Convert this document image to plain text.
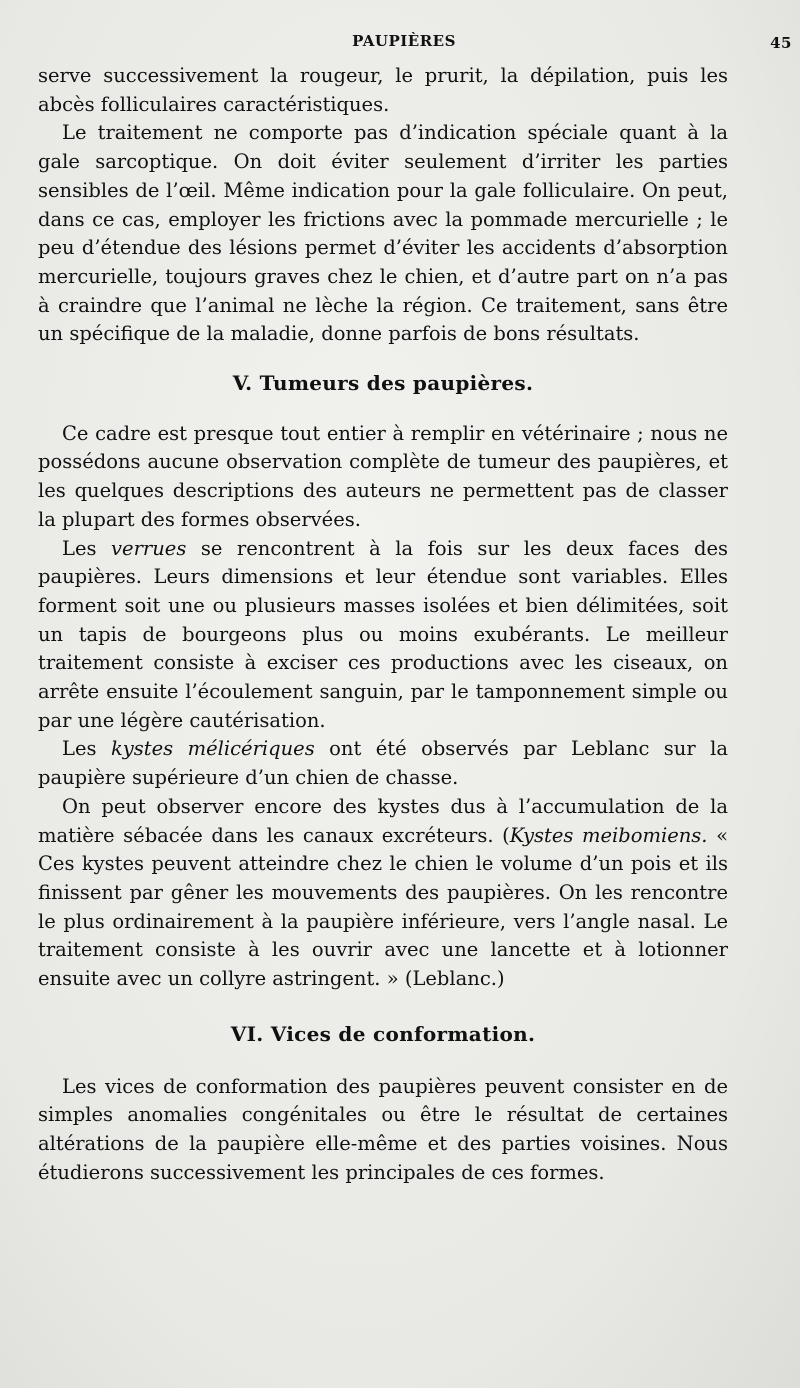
PAUPIÈRES	45

serve successivement la rougeur, le prurit, la dépilation, puis les abcès folliculaires caractéristiques.

Le traitement ne comporte pas d’indication spéciale quant à la gale sarcoptique. On doit éviter seulement d’irriter les parties sensibles de l’œil. Même indication pour la gale folliculaire. On peut, dans ce cas, employer les frictions avec la pommade mercurielle ; le peu d’étendue des lésions permet d’éviter les accidents d’absorption mercurielle, toujours graves chez le chien, et d’autre part on n’a pas à craindre que l’animal ne lèche la région. Ce traitement, sans être un spécifique de la maladie, donne parfois de bons résultats.

V. Tumeurs des paupières.

Ce cadre est presque tout entier à remplir en vétérinaire ; nous ne possédons aucune observation complète de tumeur des paupières, et les quelques descriptions des auteurs ne permettent pas de classer la plupart des formes observées.

Les verrues se rencontrent à la fois sur les deux faces des paupières. Leurs dimensions et leur étendue sont variables. Elles forment soit une ou plusieurs masses isolées et bien délimitées, soit un tapis de bourgeons plus ou moins exubérants. Le meilleur traitement consiste à exciser ces productions avec les ciseaux, on arrête ensuite l’écoulement sanguin, par le tamponnement simple ou par une légère cautérisation.

Les kystes mélicériques ont été observés par Leblanc sur la paupière supérieure d’un chien de chasse.

On peut observer encore des kystes dus à l’accumulation de la matière sébacée dans les canaux excréteurs. (Kystes meibomiens. « Ces kystes peuvent atteindre chez le chien le volume d’un pois et ils finissent par gêner les mouvements des paupières. On les rencontre le plus ordinairement à la paupière inférieure, vers l’angle nasal. Le traitement consiste à les ouvrir avec une lancette et à lotionner ensuite avec un collyre astringent. » (Leblanc.)

VI. Vices de conformation.

Les vices de conformation des paupières peuvent consister en de simples anomalies congénitales ou être le résultat de certaines altérations de la paupière elle-même et des parties voisines. Nous étudierons successivement les principales de ces formes.
